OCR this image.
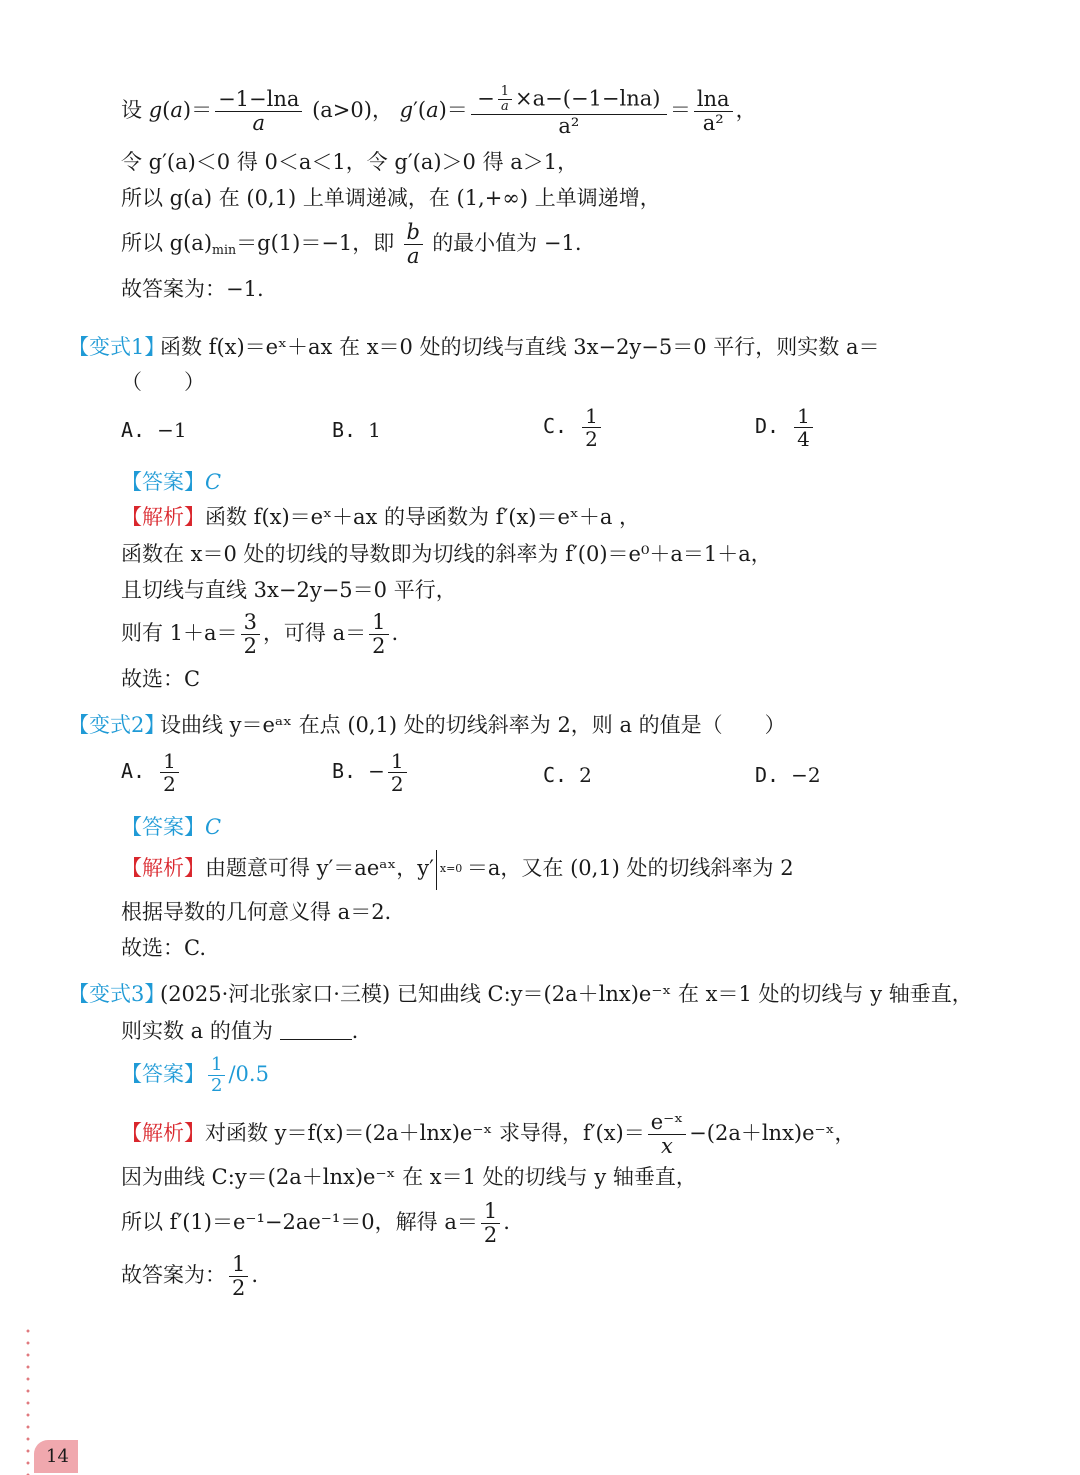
设 $g(a)= \frac{-1-\ln a}{a} (a>0)$， $g'(a)= \frac{- \frac{1}{a} \times a-(-1-\ln a)}{\text{a²}} = \frac{\ln a}{\text{a²}}$ ，
令 g′(a)＜0 得 0＜a＜1，令 g′(a)＞0 得 a＞1，
所以 g(a) 在 (0,1) 上单调递减，在 (1,+∞) 上单调递增，
所以 $g(a)_{min}=g(1)=-1$，即 $\frac{b}{a}$ 的最小值为 −1.
故答案为：−1.
【变式1】
函数 f(x)＝eˣ＋ax 在 x＝0 处的切线与直线 3x−2y−5＝0 平行，则实数 a＝
（　　）
A. −1	B. 1	C. $\frac{1}{2}$	D. $\frac{1}{4}$
【答案】C
【解析】函数 f(x)＝eˣ＋ax 的导函数为 f′(x)＝eˣ＋a ，
函数在 x＝0 处的切线的导数即为切线的斜率为 f′(0)＝e⁰＋a＝1＋a，
且切线与直线 3x−2y−5＝0 平行，
则有 $1+a= \frac{3}{2}$ ，可得 $a= \frac{1}{2}$ .
故选：C
【变式2】
设曲线 y＝eᵃˣ 在点 (0,1) 处的切线斜率为 2，则 a 的值是（　　）
A. $\frac{1}{2}$	B. − $\frac{1}{2}$	C. 2	D. −2
【答案】C
【解析】由题意可得 y′＝aeᵃˣ，y′ x=0 ＝a，又在 (0,1) 处的切线斜率为 2
根据导数的几何意义得 a＝2.
故选：C.
【变式3】
(2025·河北张家口·三模) 已知曲线 C:y＝(2a＋lnx)e⁻ˣ 在 x＝1 处的切线与 y 轴垂直，
则实数 a 的值为	.
【答案】 $\frac{1}{2} /0.5$
【解析】对函数 y＝f(x)＝(2a＋lnx)e⁻ˣ 求导得，$f'(x)= \frac{\text{e⁻ˣ}}{x}$ −(2a＋lnx)e⁻ˣ，
因为曲线 C:y＝(2a＋lnx)e⁻ˣ 在 x＝1 处的切线与 y 轴垂直，
所以 f′(1)＝e⁻¹−2ae⁻¹＝0，解得 $a= \frac{1}{2}$ .
故答案为： $\frac{1}{2}$ .
14
